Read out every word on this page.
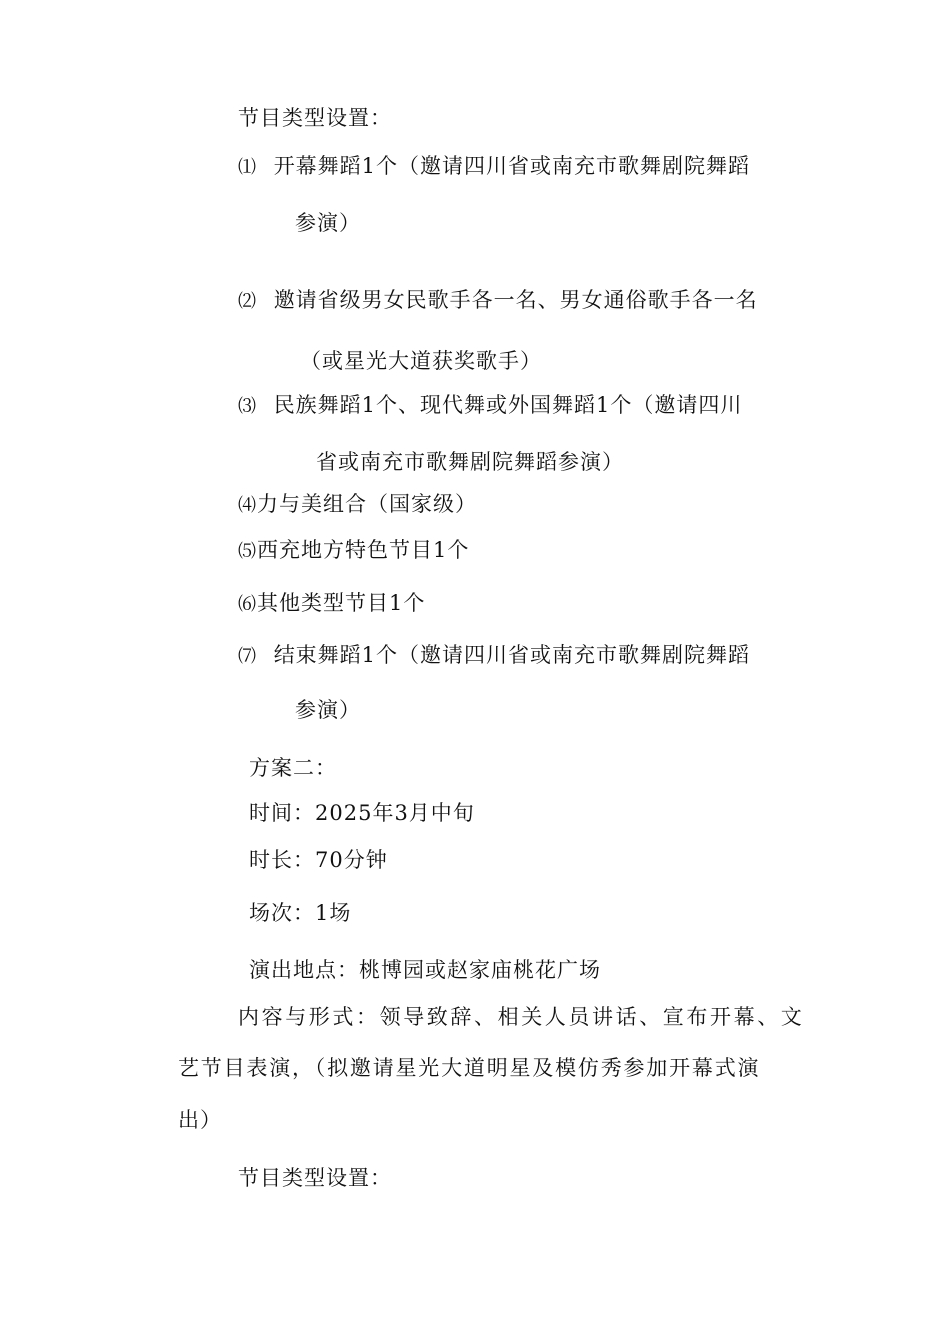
节目类型设置：
⑴ 开幕舞蹈1个（邀请四川省或南充市歌舞剧院舞蹈
参演）
⑵ 邀请省级男女民歌手各一名、男女通俗歌手各一名
（或星光大道获奖歌手）
⑶ 民族舞蹈1个、现代舞或外国舞蹈1个（邀请四川
省或南充市歌舞剧院舞蹈参演）
⑷力与美组合（国家级）
⑸西充地方特色节目1个
⑹其他类型节目1个
⑺ 结束舞蹈1个（邀请四川省或南充市歌舞剧院舞蹈
参演）
方案二：
时间：2025年3月中旬
时长：70分钟
场次：1场
演出地点：桃博园或赵家庙桃花广场
内容与形式：领导致辞、相关人员讲话、宣布开幕、文
艺节目表演，（拟邀请星光大道明星及模仿秀参加开幕式演
出）
节目类型设置：
